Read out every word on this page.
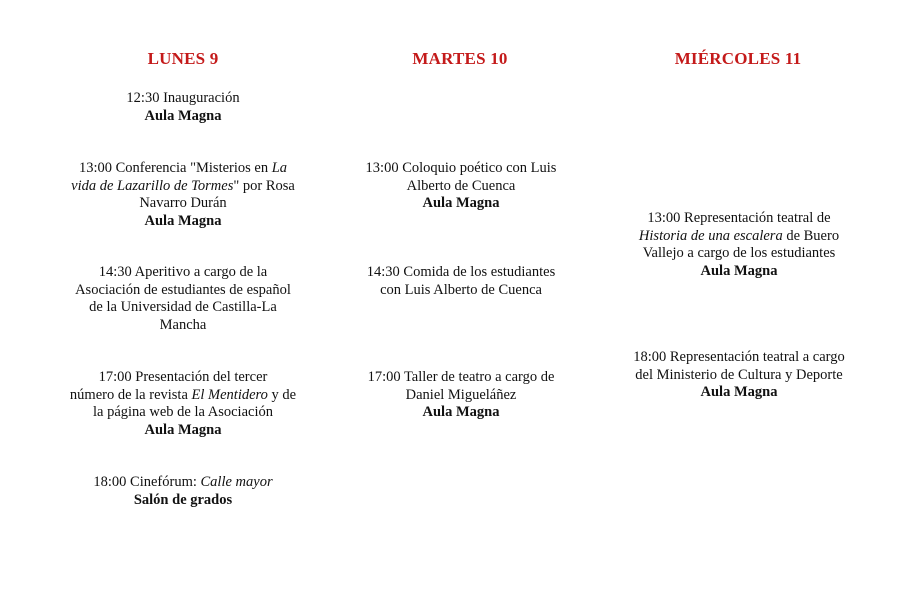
LUNES 9	MARTES 10	MIÉRCOLES 11
12:30 Inauguración
Aula Magna
13:00 Conferencia "Misterios en La
vida de Lazarillo de Tormes" por Rosa
Navarro Durán
Aula Magna
14:30 Aperitivo a cargo de la
Asociación de estudiantes de español
de la Universidad de Castilla-La
Mancha
17:00 Presentación del tercer
número de la revista El Mentidero y de
la página web de la Asociación
Aula Magna
18:00 Cinefórum: Calle mayor
Salón de grados
13:00 Coloquio poético con Luis
Alberto de Cuenca
Aula Magna
14:30 Comida de los estudiantes
con Luis Alberto de Cuenca
17:00 Taller de teatro a cargo de
Daniel Migueláñez
Aula Magna
13:00 Representación teatral de
Historia de una escalera de Buero
Vallejo a cargo de los estudiantes
Aula Magna
18:00 Representación teatral a cargo
del Ministerio de Cultura y Deporte
Aula Magna
